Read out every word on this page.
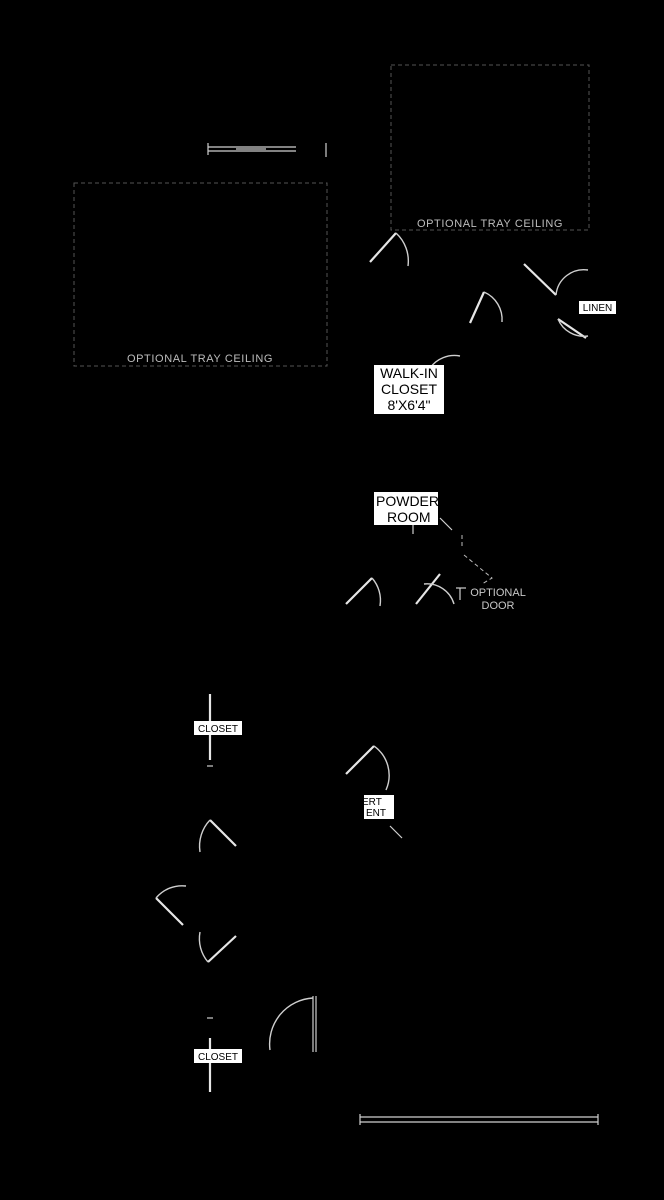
OPTIONAL TRAY CEILING
OPTIONAL TRAY CEILING
LINEN
WALK-IN
CLOSET
8'X6'4"
POWDER
ROOM
OPTIONAL
DOOR
CLOSET
ERT
ENT
CLOSET
